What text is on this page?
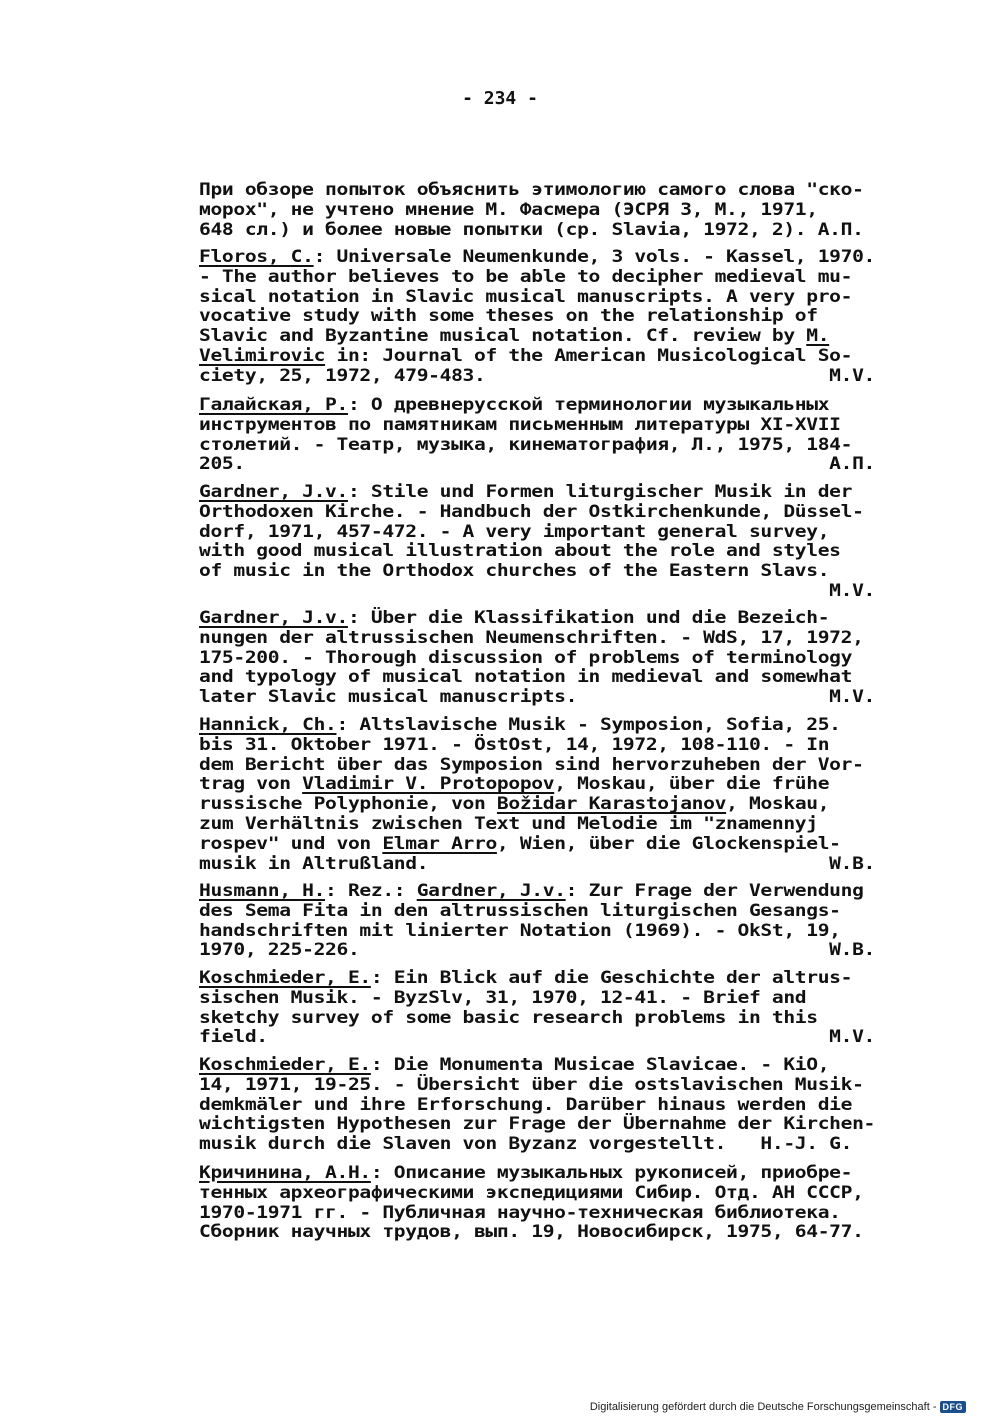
- 234 -

При обзоре попыток объяснить этимологию самого слова "ско-
морох", не учтено мнение М. Фасмера (ЭСРЯ 3, М., 1971,
648 сл.) и более новые попытки (ср. Slavia, 1972, 2). А.П.

Floros, C.: Universale Neumenkunde, 3 vols. - Kassel, 1970.
- The author believes to be able to decipher medieval mu-
sical notation in Slavic musical manuscripts. A very pro-
vocative study with some theses on the relationship of
Slavic and Byzantine musical notation. Cf. review by M.
Velimirovic in: Journal of the American Musicological So-
ciety, 25, 1972, 479-483.                              M.V.

Галайская, Р.: О древнерусской терминологии музыкальных
инструментов по памятникам письменным литературы XI-XVII
столетий. - Театр, музыка, кинематография, Л., 1975, 184-
205.                                                   А.П.

Gardner, J.v.: Stile und Formen liturgischer Musik in der
Orthodoxen Kirche. - Handbuch der Ostkirchenkunde, Düssel-
dorf, 1971, 457-472. - A very important general survey,
with good musical illustration about the role and styles
of music in the Orthodox churches of the Eastern Slavs.
M.V.

Gardner, J.v.: Über die Klassifikation und die Bezeich-
nungen der altrussischen Neumenschriften. - WdS, 17, 1972,
175-200. - Thorough discussion of problems of terminology
and typology of musical notation in medieval and somewhat
later Slavic musical manuscripts.                      M.V.

Hannick, Ch.: Altslavische Musik - Symposion, Sofia, 25.
bis 31. Oktober 1971. - ÖstOst, 14, 1972, 108-110. - In
dem Bericht über das Symposion sind hervorzuheben der Vor-
trag von Vladimir V. Protopopov, Moskau, über die frühe
russische Polyphonie, von Božidar Karastojanov, Moskau,
zum Verhältnis zwischen Text und Melodie im "znamennyj
rospev" und von Elmar Arro, Wien, über die Glockenspiel-
musik in Altrußland.                                   W.B.

Husmann, H.: Rez.: Gardner, J.v.: Zur Frage der Verwendung
des Sema Fita in den altrussischen liturgischen Gesangs-
handschriften mit linierter Notation (1969). - OkSt, 19,
1970, 225-226.                                         W.B.

Koschmieder, E.: Ein Blick auf die Geschichte der altrus-
sischen Musik. - ByzSlv, 31, 1970, 12-41. - Brief and
sketchy survey of some basic research problems in this
field.                                                 M.V.

Koschmieder, E.: Die Monumenta Musicae Slavicae. - KiO,
14, 1971, 19-25. - Übersicht über die ostslavischen Musik-
demkmäler und ihre Erforschung. Darüber hinaus werden die
wichtigsten Hypothesen zur Frage der Übernahme der Kirchen-
musik durch die Slaven von Byzanz vorgestellt.   H.-J. G.

Кричинина, А.Н.: Описание музыкальных рукописей, приобре-
тенных археографическими экспедициями Сибир. Отд. АН СССР,
1970-1971 гг. - Публичная научно-техническая библиотека.
Сборник научных трудов, вып. 19, Новосибирск, 1975, 64-77.

Digitalisierung gefördert durch die Deutsche Forschungsgemeinschaft - DFG
